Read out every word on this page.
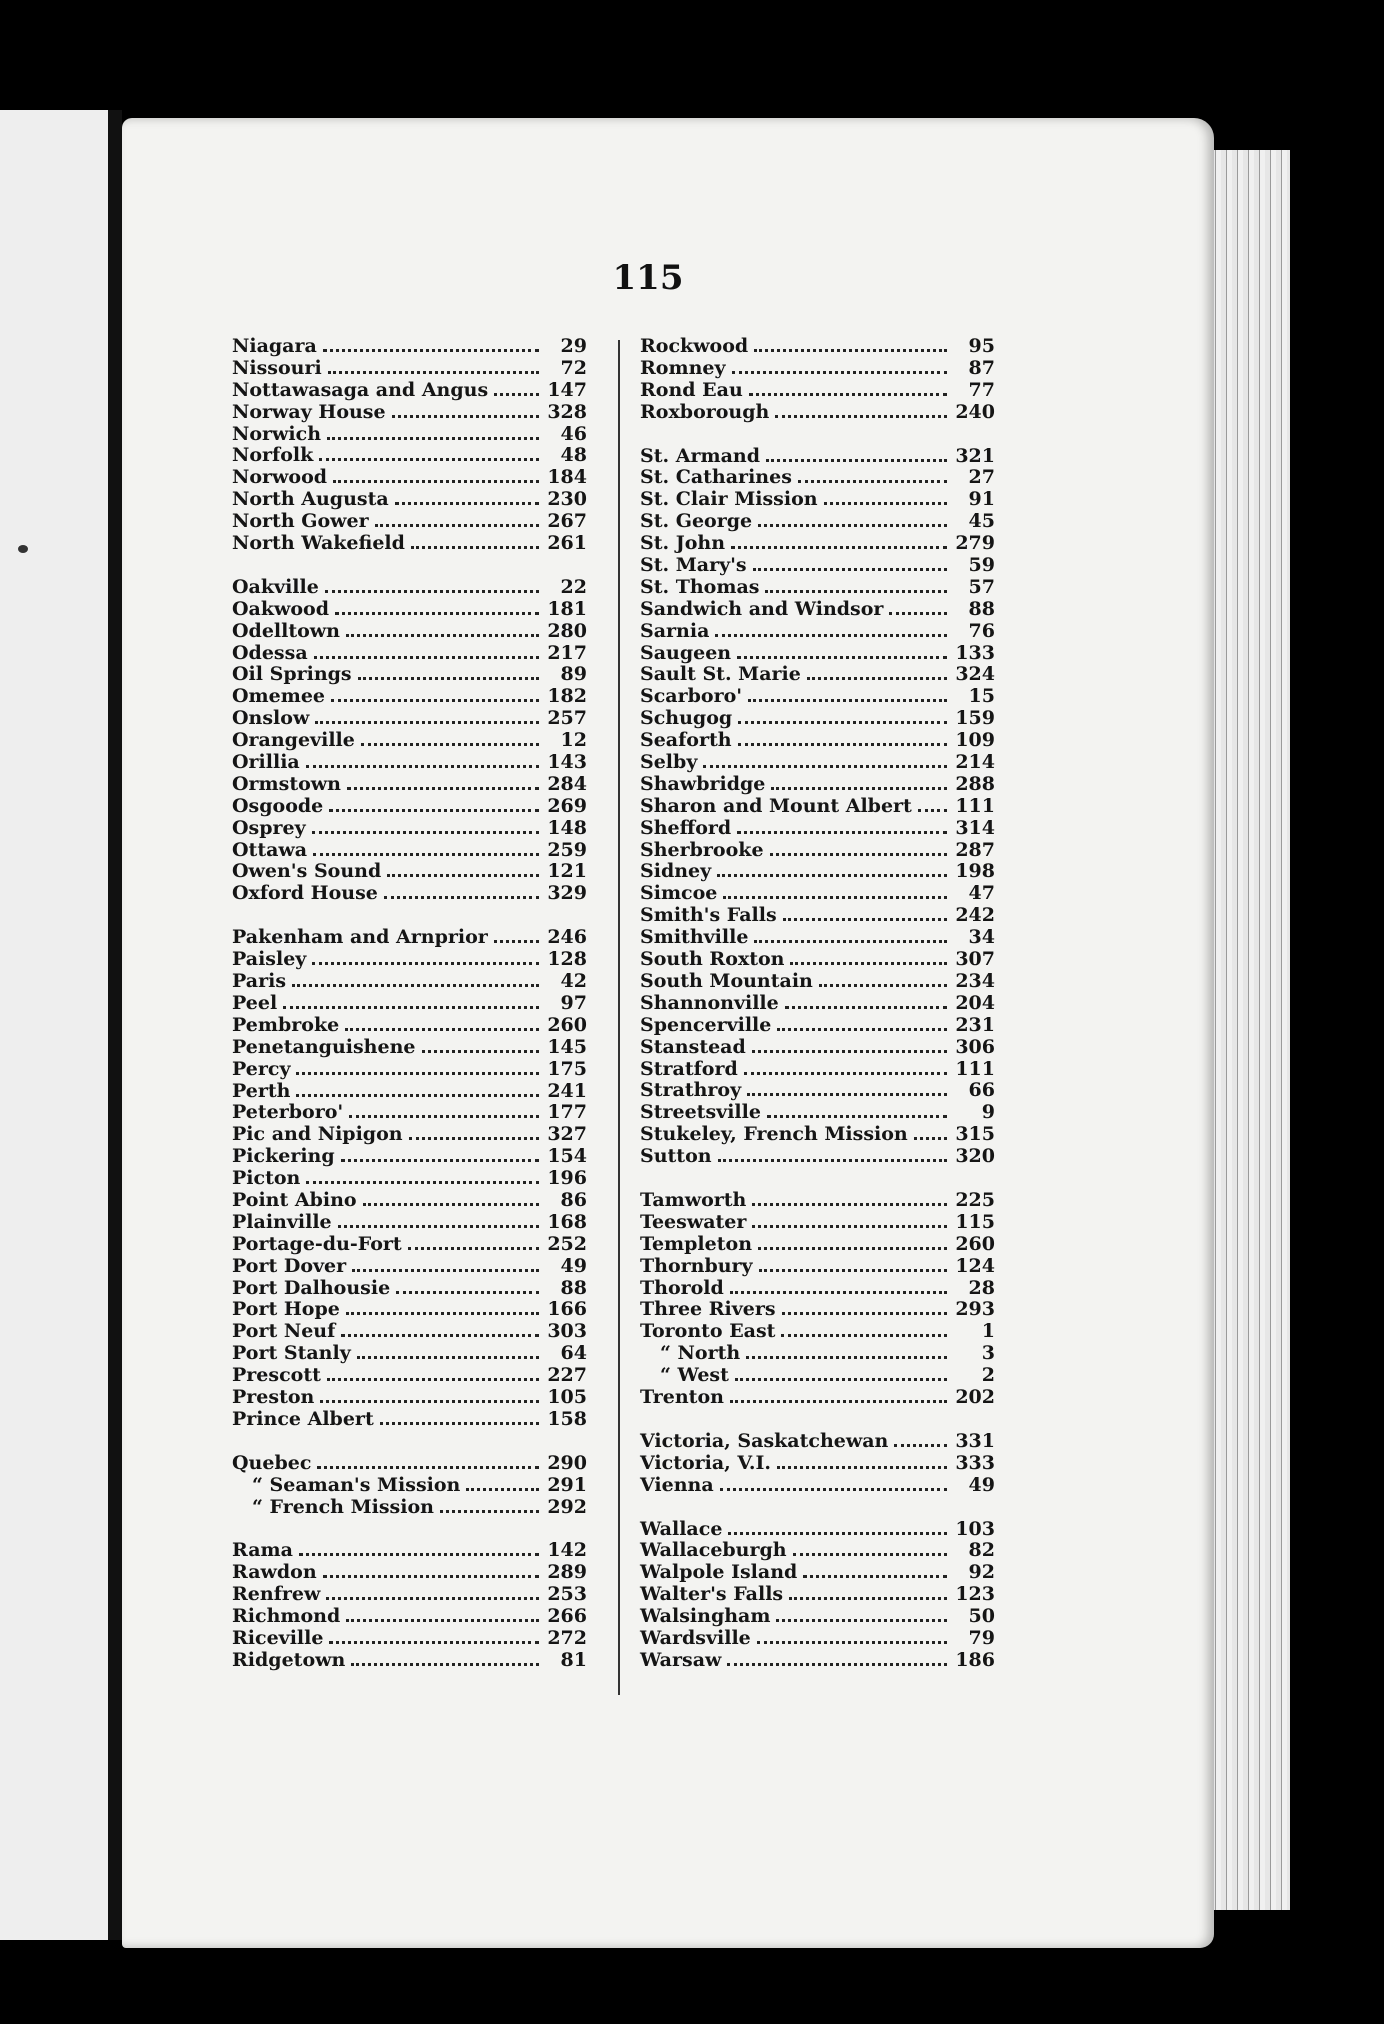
115
Niagara	29
Nissouri	72
Nottawasaga and Angus	147
Norway House	328
Norwich	46
Norfolk	48
Norwood	184
North Augusta	230
North Gower	267
North Wakefield	261
Oakville	22
Oakwood	181
Odelltown	280
Odessa	217
Oil Springs	89
Omemee	182
Onslow	257
Orangeville	12
Orillia	143
Ormstown	284
Osgoode	269
Osprey	148
Ottawa	259
Owen's Sound	121
Oxford House	329
Pakenham and Arnprior	246
Paisley	128
Paris	42
Peel	97
Pembroke	260
Penetanguishene	145
Percy	175
Perth	241
Peterboro'	177
Pic and Nipigon	327
Pickering	154
Picton	196
Point Abino	86
Plainville	168
Portage-du-Fort	252
Port Dover	49
Port Dalhousie	88
Port Hope	166
Port Neuf	303
Port Stanly	64
Prescott	227
Preston	105
Prince Albert	158
Quebec	290
“ Seaman's Mission	291
“ French Mission	292
Rama	142
Rawdon	289
Renfrew	253
Richmond	266
Riceville	272
Ridgetown	81
Rockwood	95
Romney	87
Rond Eau	77
Roxborough	240
St. Armand	321
St. Catharines	27
St. Clair Mission	91
St. George	45
St. John	279
St. Mary's	59
St. Thomas	57
Sandwich and Windsor	88
Sarnia	76
Saugeen	133
Sault St. Marie	324
Scarboro'	15
Schugog	159
Seaforth	109
Selby	214
Shawbridge	288
Sharon and Mount Albert 111
Shefford	314
Sherbrooke	287
Sidney	198
Simcoe	47
Smith's Falls	242
Smithville	34
South Roxton	307
South Mountain	234
Shannonville	204
Spencerville	231
Stanstead	306
Stratford	111
Strathroy	66
Streetsville	9
Stukeley, French Mission	315
Sutton	320
Tamworth	225
Teeswater	115
Templeton	260
Thornbury	124
Thorold	28
Three Rivers	293
Toronto East	1
“ North	3
“ West	2
Trenton	202
Victoria, Saskatchewan	331
Victoria, V.I.	333
Vienna	49
Wallace	103
Wallaceburgh	82
Walpole Island	92
Walter's Falls	123
Walsingham	50
Wardsville	79
Warsaw	186
